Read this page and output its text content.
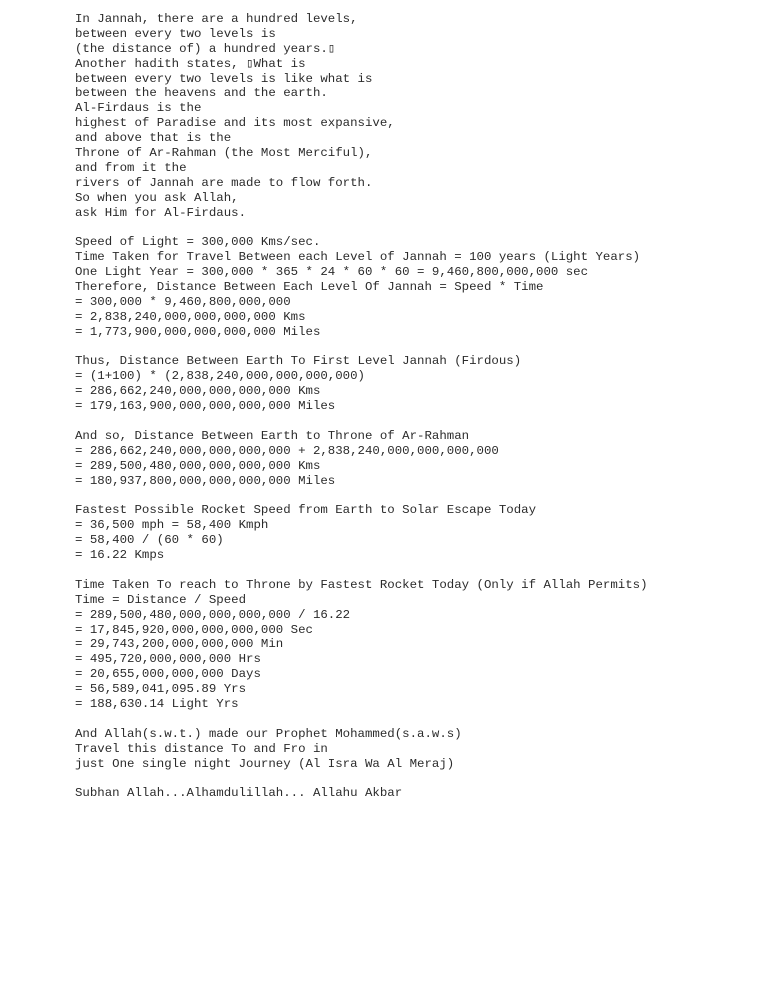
In Jannah, there are a hundred levels,
between every two levels is
(the distance of) a hundred years.▯
Another hadith states, ▯What is
between every two levels is like what is
between the heavens and the earth.
Al-Firdaus is the
highest of Paradise and its most expansive,
and above that is the
Throne of Ar-Rahman (the Most Merciful),
and from it the
rivers of Jannah are made to flow forth.
So when you ask Allah,
ask Him for Al-Firdaus.
Speed of Light = 300,000 Kms/sec.
Time Taken for Travel Between each Level of Jannah = 100 years (Light Years)
One Light Year = 300,000 * 365 * 24 * 60 * 60 = 9,460,800,000,000 sec
Therefore, Distance Between Each Level Of Jannah = Speed * Time
= 300,000 * 9,460,800,000,000
= 2,838,240,000,000,000,000 Kms
= 1,773,900,000,000,000,000 Miles
Thus, Distance Between Earth To First Level Jannah (Firdous)
= (1+100) * (2,838,240,000,000,000,000)
= 286,662,240,000,000,000,000 Kms
= 179,163,900,000,000,000,000 Miles
And so, Distance Between Earth to Throne of Ar-Rahman
= 286,662,240,000,000,000,000 + 2,838,240,000,000,000,000
= 289,500,480,000,000,000,000 Kms
= 180,937,800,000,000,000,000 Miles
Fastest Possible Rocket Speed from Earth to Solar Escape Today
= 36,500 mph = 58,400 Kmph
= 58,400 / (60 * 60)
= 16.22 Kmps
Time Taken To reach to Throne by Fastest Rocket Today (Only if Allah Permits)
Time = Distance / Speed
= 289,500,480,000,000,000,000 / 16.22
= 17,845,920,000,000,000,000 Sec
= 29,743,200,000,000,000 Min
= 495,720,000,000,000 Hrs
= 20,655,000,000,000 Days
= 56,589,041,095.89 Yrs
= 188,630.14 Light Yrs
And Allah(s.w.t.) made our Prophet Mohammed(s.a.w.s)
Travel this distance To and Fro in
just One single night Journey (Al Isra Wa Al Meraj)
Subhan Allah...Alhamdulillah... Allahu Akbar
